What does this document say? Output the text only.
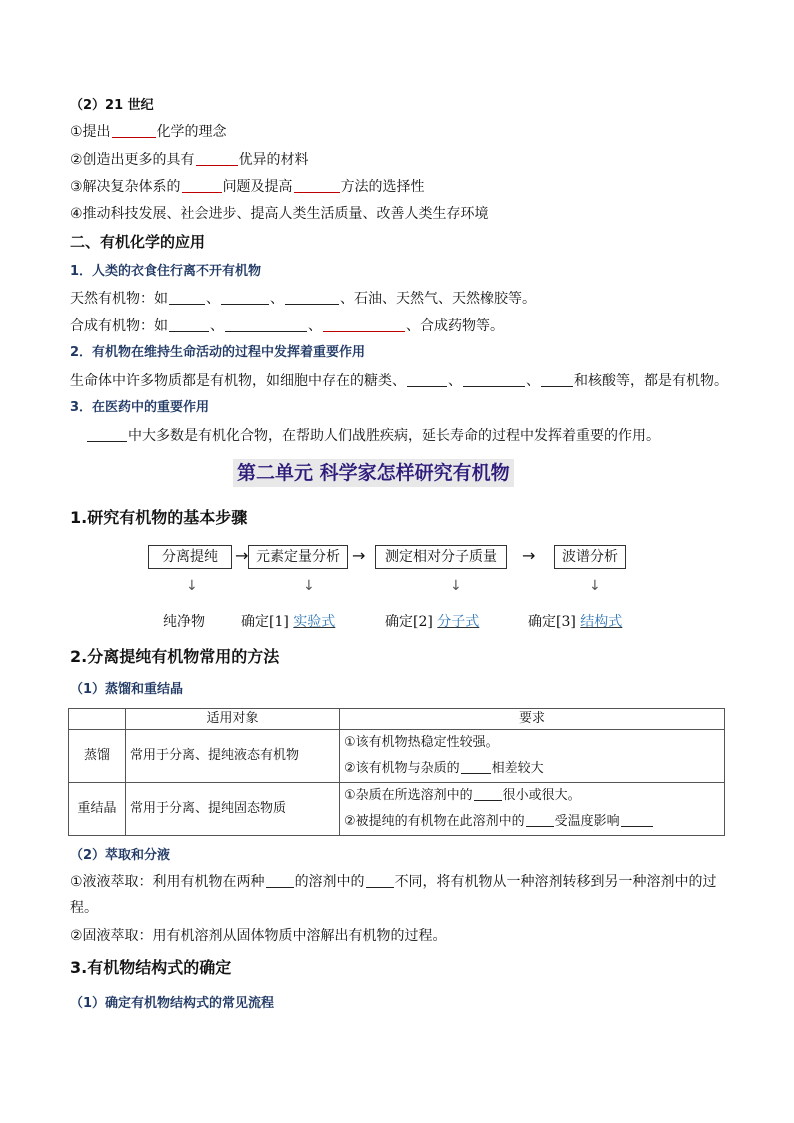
（2）21 世纪
①提出	化学的理念
②创造出更多的具有	优异的材料
③解决复杂体系的	问题及提高	方法的选择性
④推动科技发展、社会进步、提高人类生活质量、改善人类生存环境
二、有机化学的应用
1．人类的衣食住行离不开有机物
天然有机物：如	、	、	、石油、天然气、天然橡胶等。
合成有机物：如	、	、	、合成药物等。
2．有机物在维持生命活动的过程中发挥着重要作用
生命体中许多物质都是有机物，如细胞中存在的糖类、	、	、 和核酸等，都是有机物。
3．在医药中的重要作用
中大多数是有机化合物，在帮助人们战胜疾病，延长寿命的过程中发挥着重要的作用。
第二单元 科学家怎样研究有机物
1.研究有机物的基本步骤
分离提纯	→ 元素定量分析 →	测定相对分子质量	→	波谱分析
↓	↓	↓	↓
纯净物	确定[1] 实验式	确定[2] 分子式	确定[3] 结构式
2.分离提纯有机物常用的方法
（1）蒸馏和重结晶
	适用对象	要求
蒸馏	常用于分离、提纯液态有机物	①该有机物热稳定性较强。
②该有机物与杂质的 相差较大

重结晶	常用于分离、提纯固态物质	①杂质在所选溶剂中的 很小或很大。
②被提纯的有机物在此溶剂中的 受温度影响
（2）萃取和分液
①液液萃取：利用有机物在两种 的溶剂中的 不同，将有机物从一种溶剂转移到另一种溶剂中的过
程。
②固液萃取：用有机溶剂从固体物质中溶解出有机物的过程。
3.有机物结构式的确定
（1）确定有机物结构式的常见流程
